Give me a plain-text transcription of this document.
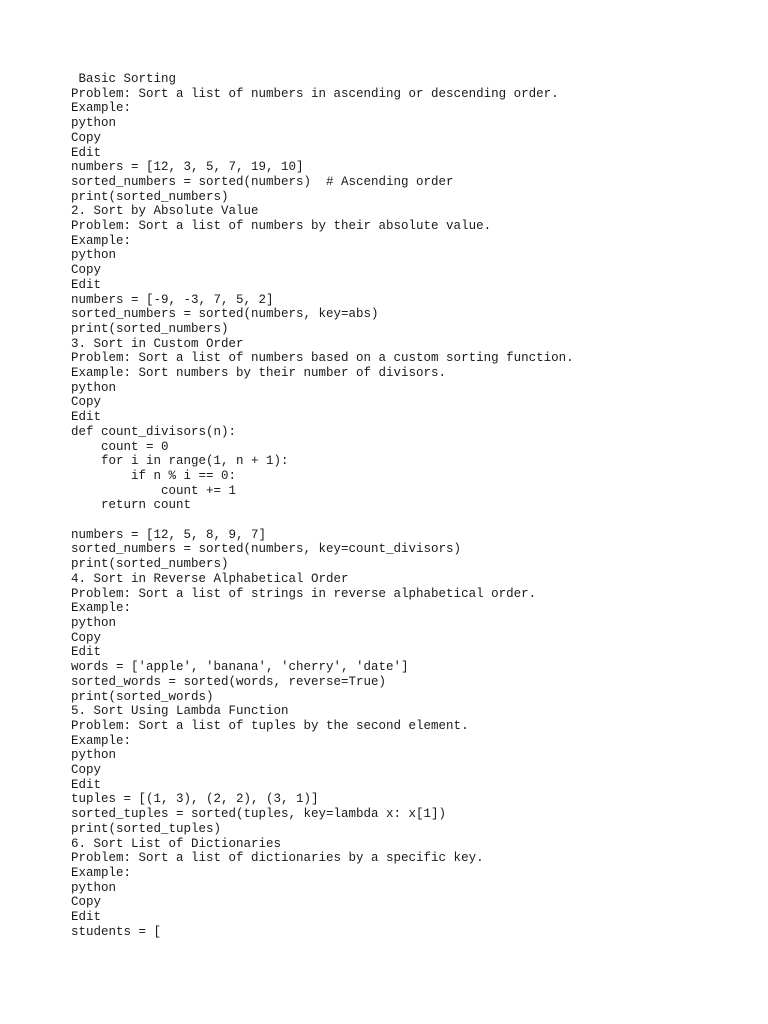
Basic Sorting
Problem: Sort a list of numbers in ascending or descending order.
Example:
python
Copy
Edit
numbers = [12, 3, 5, 7, 19, 10]
sorted_numbers = sorted(numbers)  # Ascending order
print(sorted_numbers)
2. Sort by Absolute Value
Problem: Sort a list of numbers by their absolute value.
Example:
python
Copy
Edit
numbers = [-9, -3, 7, 5, 2]
sorted_numbers = sorted(numbers, key=abs)
print(sorted_numbers)
3. Sort in Custom Order
Problem: Sort a list of numbers based on a custom sorting function.
Example: Sort numbers by their number of divisors.
python
Copy
Edit
def count_divisors(n):
count = 0
for i in range(1, n + 1):
if n % i == 0:
count += 1
return count
numbers = [12, 5, 8, 9, 7]
sorted_numbers = sorted(numbers, key=count_divisors)
print(sorted_numbers)
4. Sort in Reverse Alphabetical Order
Problem: Sort a list of strings in reverse alphabetical order.
Example:
python
Copy
Edit
words = ['apple', 'banana', 'cherry', 'date']
sorted_words = sorted(words, reverse=True)
print(sorted_words)
5. Sort Using Lambda Function
Problem: Sort a list of tuples by the second element.
Example:
python
Copy
Edit
tuples = [(1, 3), (2, 2), (3, 1)]
sorted_tuples = sorted(tuples, key=lambda x: x[1])
print(sorted_tuples)
6. Sort List of Dictionaries
Problem: Sort a list of dictionaries by a specific key.
Example:
python
Copy
Edit
students = [
